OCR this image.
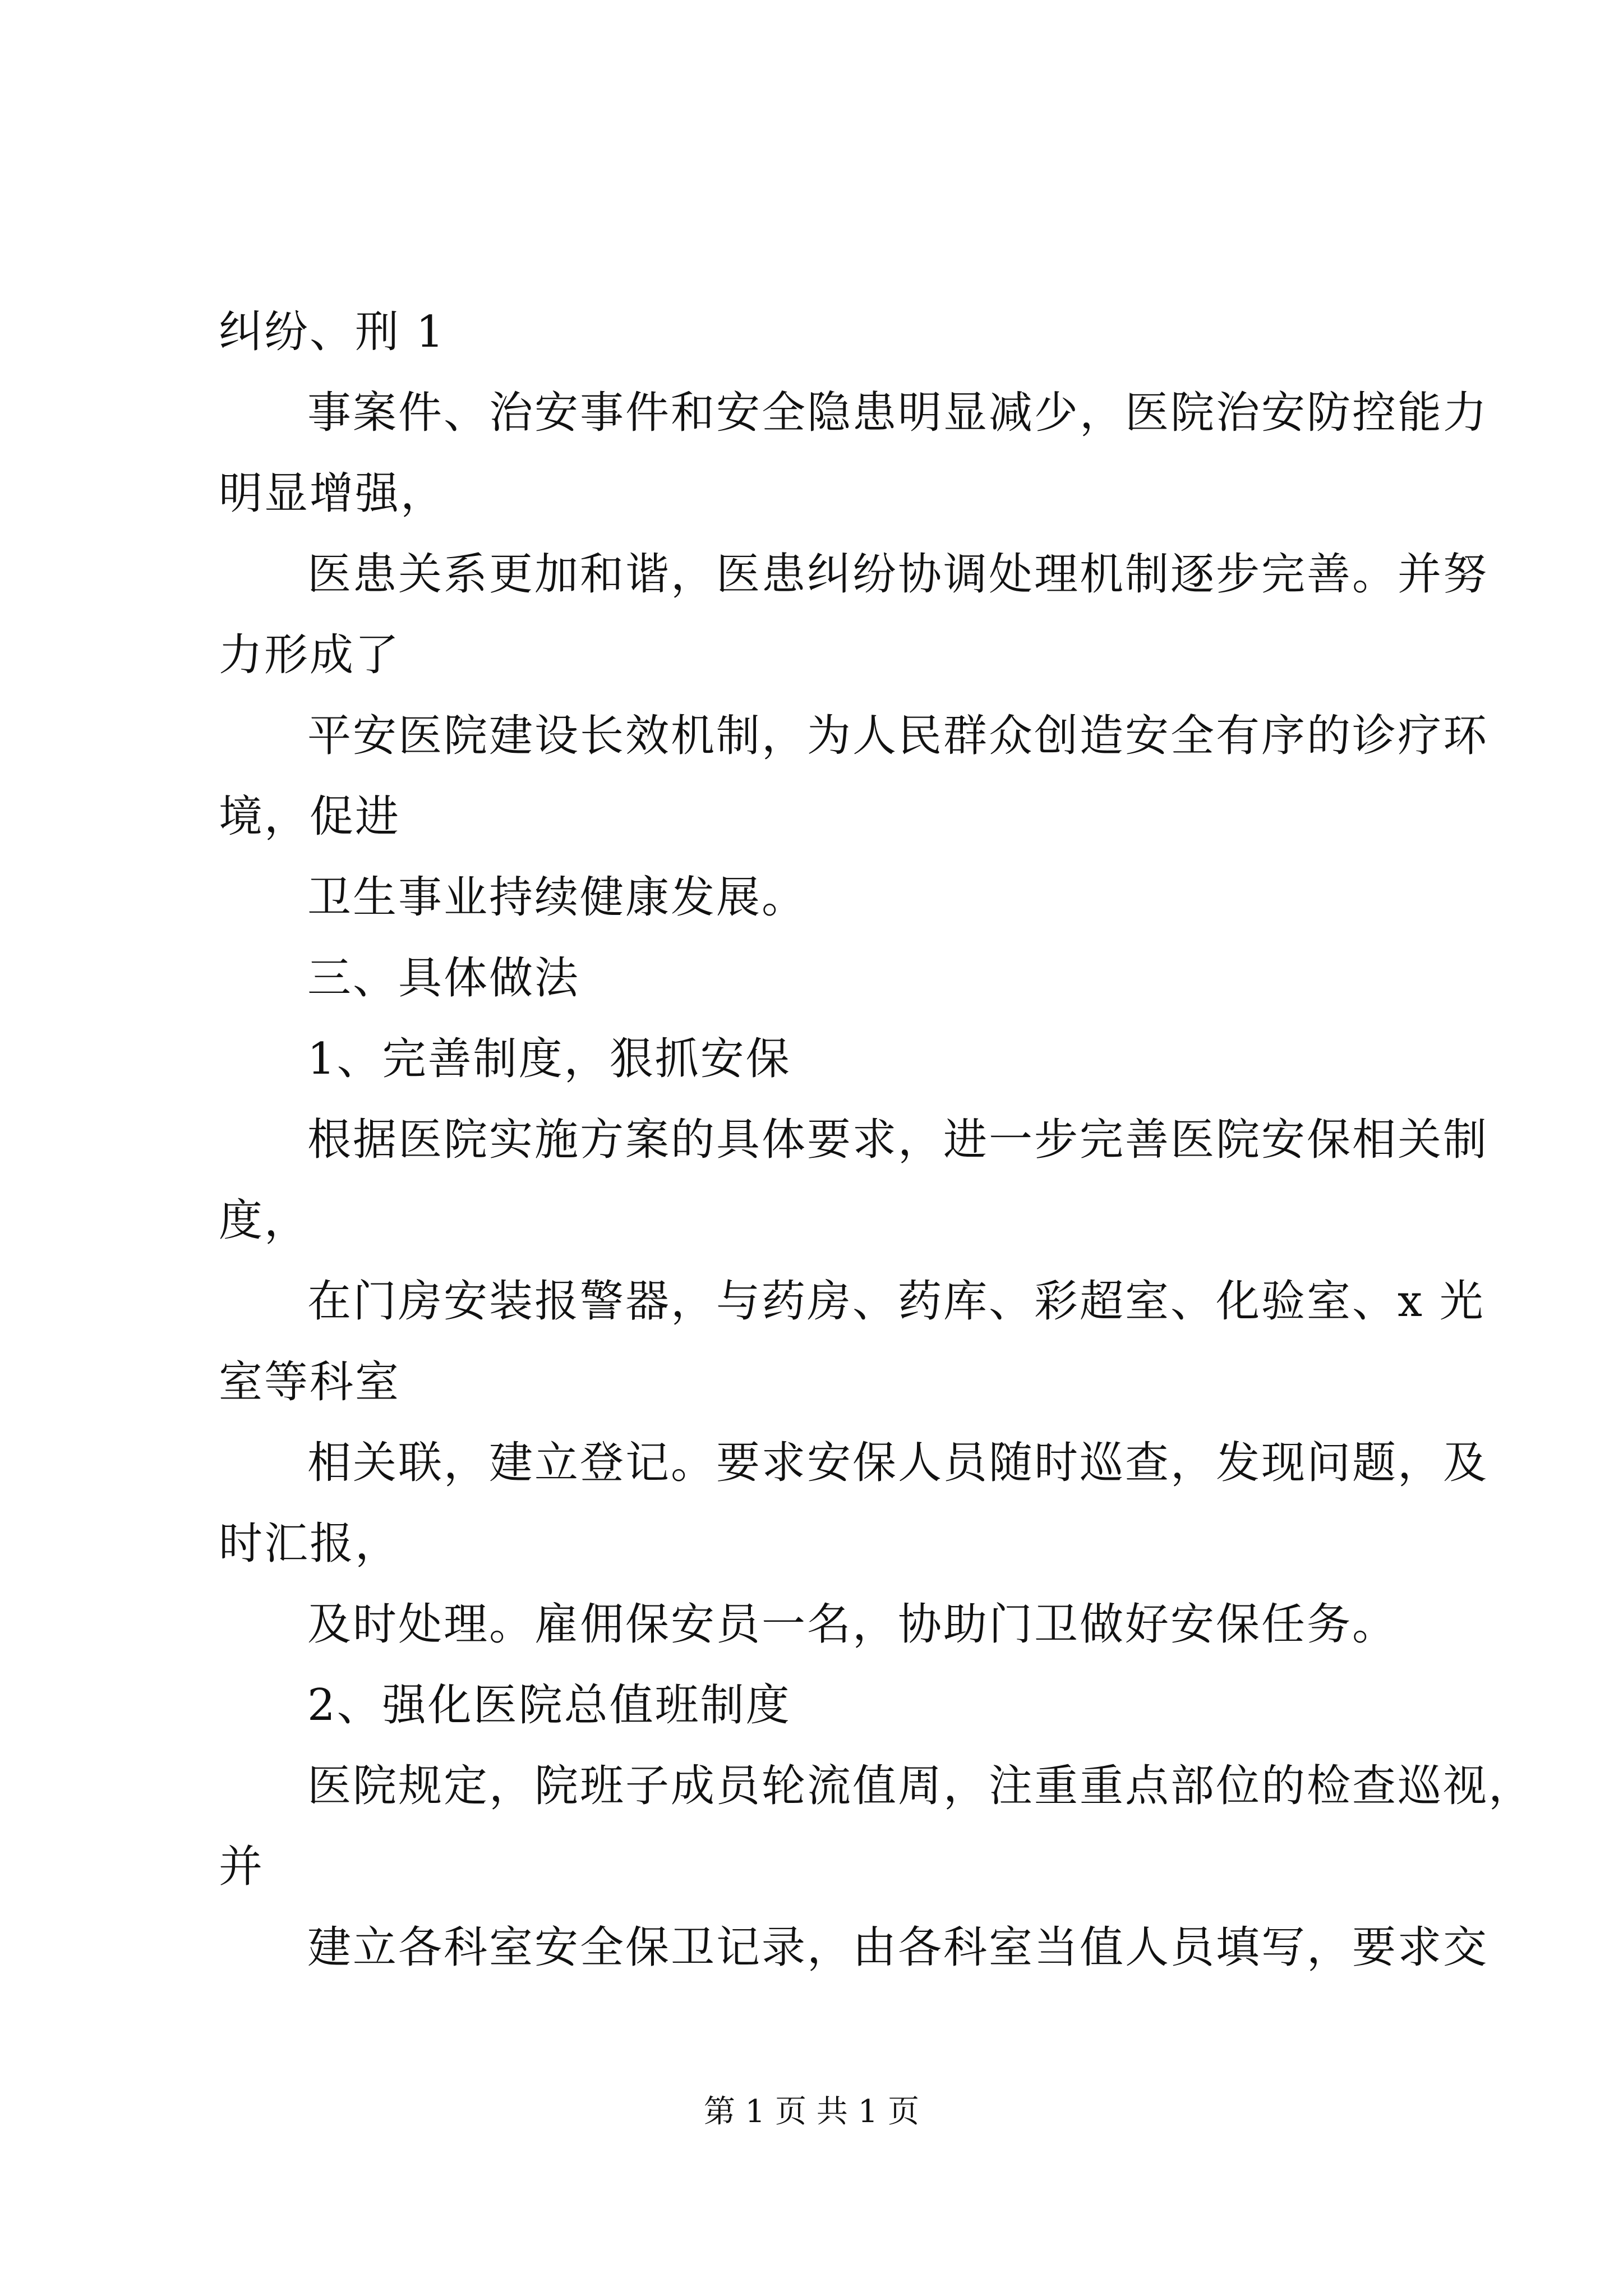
纠纷、刑 1
事案件、治安事件和安全隐患明显减少，医院治安防控能力
明显增强，
医患关系更加和谐，医患纠纷协调处理机制逐步完善。并努
力形成了
平安医院建设长效机制，为人民群众创造安全有序的诊疗环
境，促进
卫生事业持续健康发展。
三、具体做法
1、完善制度，狠抓安保
根据医院实施方案的具体要求，进一步完善医院安保相关制
度，
在门房安装报警器，与药房、药库、彩超室、化验室、x 光
室等科室
相关联，建立登记。要求安保人员随时巡查，发现问题，及
时汇报，
及时处理。雇佣保安员一名，协助门卫做好安保任务。
2、强化医院总值班制度
医院规定，院班子成员轮流值周，注重重点部位的检查巡视，
并
建立各科室安全保卫记录，由各科室当值人员填写，要求交
第 1 页 共 1 页
